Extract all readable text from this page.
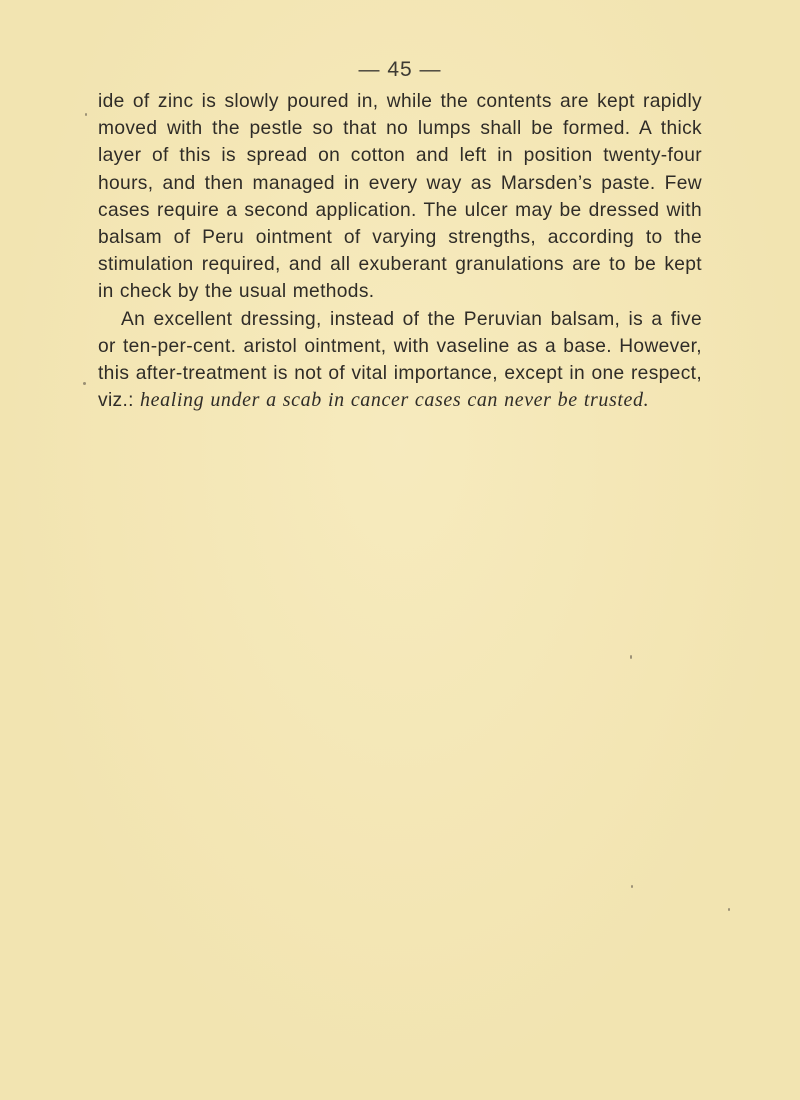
— 45 —

ide of zinc is slowly poured in, while the contents are kept rapidly moved with the pestle so that no lumps shall be formed. A thick layer of this is spread on cotton and left in position twenty-four hours, and then managed in every way as Marsden’s paste. Few cases require a second application. The ulcer may be dressed with balsam of Peru ointment of varying strengths, according to the stimulation required, and all exuberant granulations are to be kept in check by the usual methods.

An excellent dressing, instead of the Peruvian balsam, is a five or ten-per-cent. aristol ointment, with vaseline as a base. However, this after-treatment is not of vital importance, except in one respect, viz.: healing under a scab in cancer cases can never be trusted.
